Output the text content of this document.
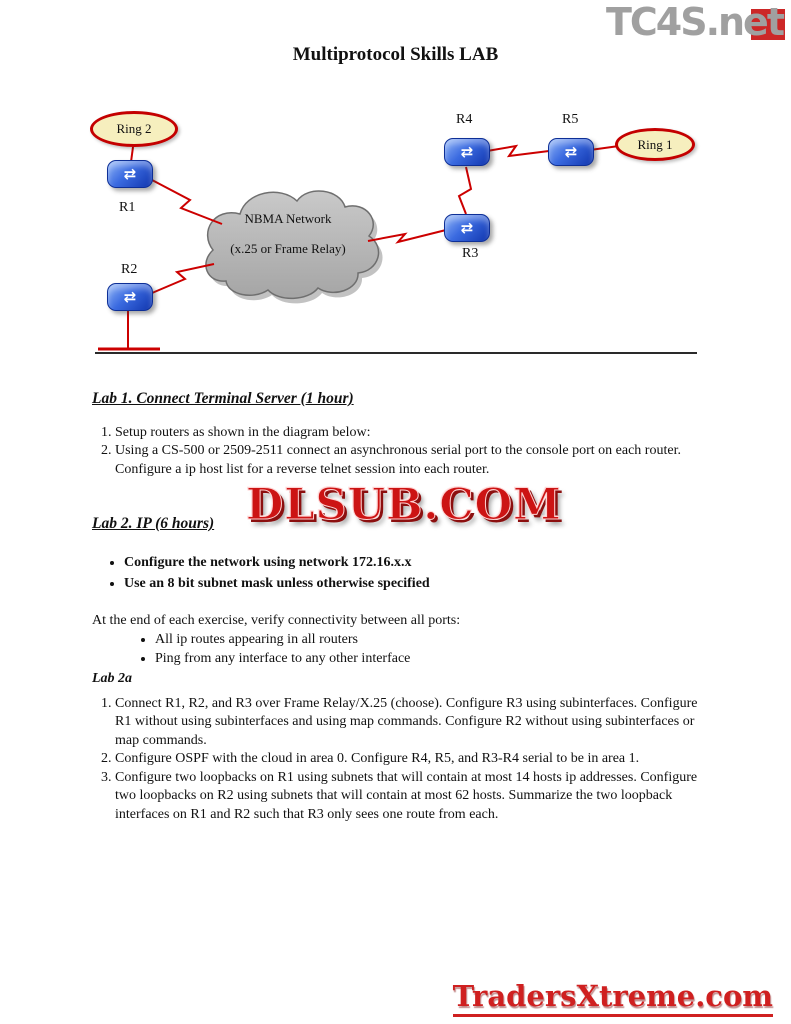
TC4S.net
Multiprotocol Skills LAB
Ring 2
Ring 1
⇄
⇄
⇄
⇄	⇄
R1
R2
R3
R4	R5
NBMA Network
(x.25 or Frame Relay)
DLSUB.COM
Lab 1. Connect Terminal Server (1 hour)
1. Setup routers as shown in the diagram below:
2. Using a CS-500 or 2509-2511 connect an asynchronous serial port to the console port on each router. Configure a ip host list for a reverse telnet session into each router.
Lab 2. IP (6 hours)
• Configure the network using network 172.16.x.x
• Use an 8 bit subnet mask unless otherwise specified

At the end of each exercise, verify connectivity between all ports:

• All ip routes appearing in all routers
• Ping from any interface to any other interface
Lab 2a
1. Connect R1, R2, and R3 over Frame Relay/X.25 (choose). Configure R3 using subinterfaces. Configure R1 without using subinterfaces and using map commands. Configure R2 without using subinterfaces or map commands.
2. Configure OSPF with the cloud in area 0. Configure R4, R5, and R3-R4 serial to be in area 1.
3. Configure two loopbacks on R1 using subnets that will contain at most 14 hosts ip addresses. Configure two loopbacks on R2 using subnets that will contain at most 62 hosts. Summarize the two loopback interfaces on R1 and R2 such that R3 only sees one route from each.
TradersXtreme.com
